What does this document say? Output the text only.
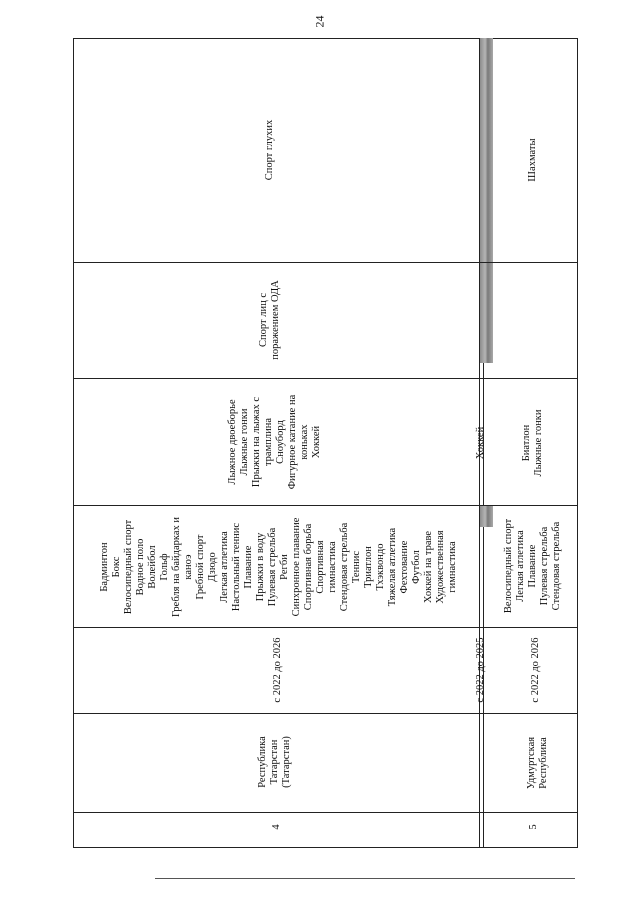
24
4
Республика Татарстан (Татарстан)
с 2022 до 2026
Бадминтон Бокс Велосипедный спорт Водное поло Волейбол Гольф Гребля на байдарках и каноэ Гребной спорт Дзюдо Легкая атлетика Настольный теннис Плавание Прыжки в воду Пулевая стрельба Регби Синхронное плавание Спортивная борьба Спортивная гимнастика Стендовая стрельба Теннис Триатлон Тхэквондо Тяжелая атлетика Фехтование Футбол Хоккей на траве Художественная гимнастика
Лыжное двоеборье Лыжные гонки Прыжки на лыжах с трамплина Сноуборд Фигурное катание на коньках Хоккей
Спорт лиц с поражением ОДА
Спорт глухих
с 2022 до 2025
Хоккей
5
Удмуртская Республика
с 2022 до 2026
Велосипедный спорт Легкая атлетика Плавание Пулевая стрельба Стендовая стрельба
Биатлон Лыжные гонки
Шахматы
